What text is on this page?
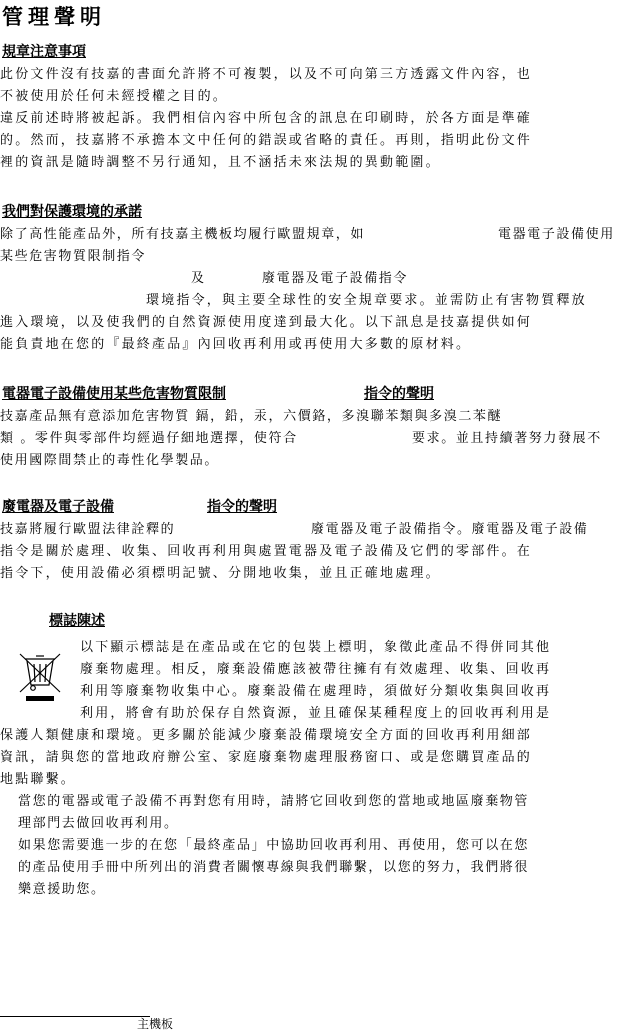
管理聲明
規章注意事項

此份文件沒有技嘉的書面允許將不可複製，以及不可向第三方透露文件內容，也

不被使用於任何未經授權之目的。

違反前述時將被起訴。我們相信內容中所包含的訊息在印刷時，於各方面是準確

的。然而，技嘉將不承擔本文中任何的錯誤或省略的責任。再則，指明此份文件

裡的資訊是隨時調整不另行通知，且不涵括未來法規的異動範圍。

我們對保護環境的承諾

除了高性能產品外，所有技嘉主機板均履行歐盟規章，如	電器電子設備使用

某些危害物質限制指令

及	廢電器及電子設備指令

環境指令，與主要全球性的安全規章要求。並需防止有害物質釋放

進入環境，以及使我們的自然資源使用度達到最大化。以下訊息是技嘉提供如何

能負責地在您的『最終產品』內回收再利用或再使用大多數的原材料。

電器電子設備使用某些危害物質限制	指令的聲明

技嘉產品無有意添加危害物質 鎘，鉛，汞，六價鉻，多溴聯苯類與多溴二苯醚

類 。零件與零部件均經過仔細地選擇，使符合	要求。並且持續著努力發展不

使用國際間禁止的毒性化學製品。

廢電器及電子設備	指令的聲明

技嘉將履行歐盟法律詮釋的	廢電器及電子設備指令。廢電器及電子設備

指令是關於處理、收集、回收再利用與處置電器及電子設備及它們的零部件。在

指令下，使用設備必須標明記號、分開地收集，並且正確地處理。

標誌陳述

以下顯示標誌是在產品或在它的包裝上標明，象徵此產品不得併同其他

廢棄物處理。相反，廢棄設備應該被帶往擁有有效處理、收集、回收再

利用等廢棄物收集中心。廢棄設備在處理時，須做好分類收集與回收再

利用，將會有助於保存自然資源，並且確保某種程度上的回收再利用是

保護人類健康和環境。更多關於能減少廢棄設備環境安全方面的回收再利用細部

資訊，請與您的當地政府辦公室、家庭廢棄物處理服務窗口、或是您購買產品的

地點聯繫。

當您的電器或電子設備不再對您有用時，請將它回收到您的當地或地區廢棄物管

理部門去做回收再利用。

如果您需要進一步的在您「最終產品」中協助回收再利用、再使用，您可以在您

的產品使用手冊中所列出的消費者關懷專線與我們聯繫，以您的努力，我們將很

樂意援助您。

主機板
